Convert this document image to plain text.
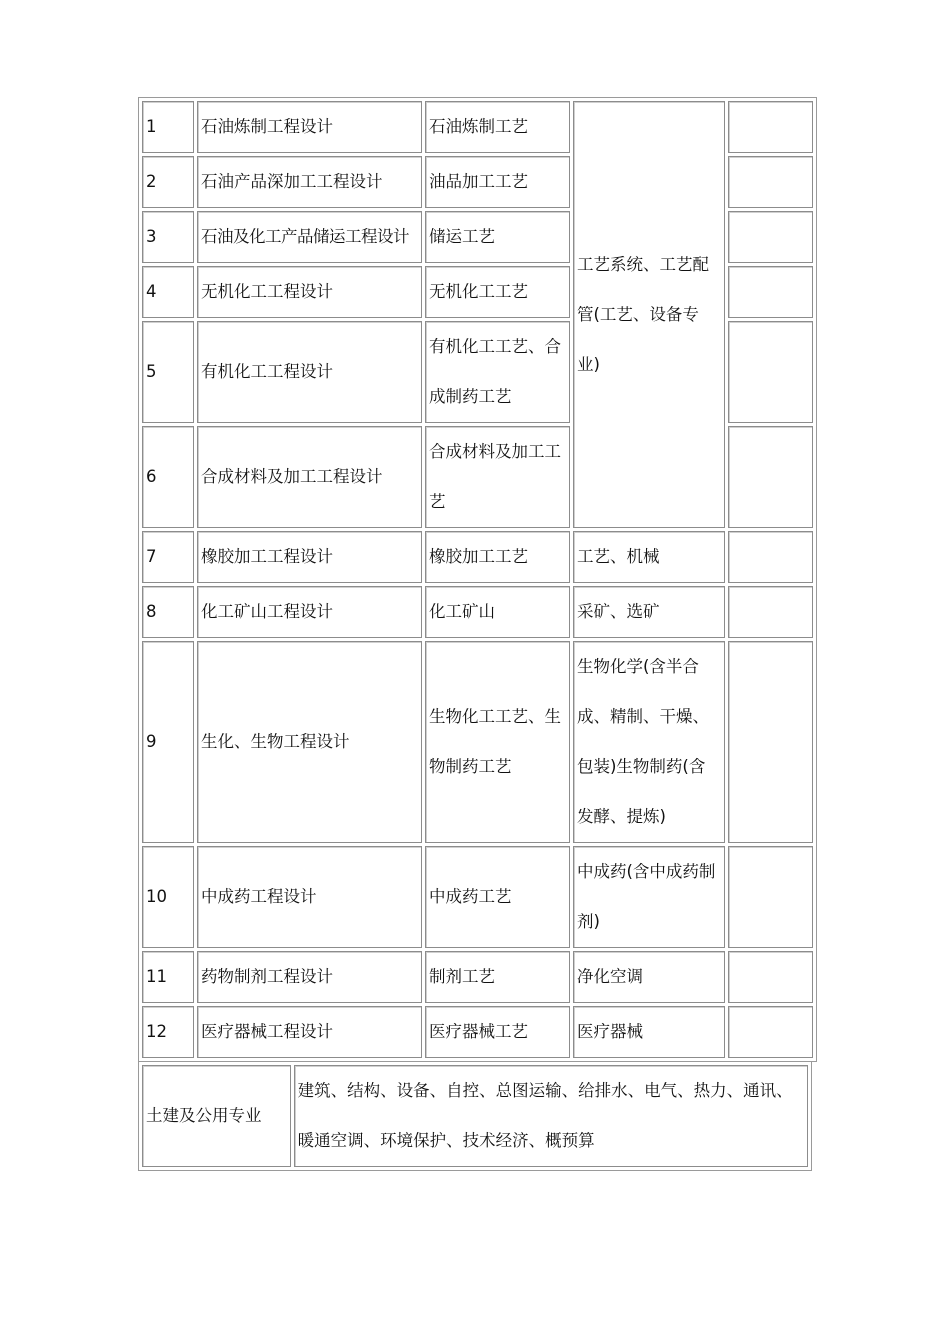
1	石油炼制工程设计	石油炼制工艺	工艺系统、工艺配管(工艺、设备专业)	
2	石油产品深加工工程设计	油品加工工艺		
3	石油及化工产品储运工程设计	储运工艺		
4	无机化工工程设计	无机化工工艺		
5	有机化工工程设计	有机化工工艺、合成制药工艺		
6	合成材料及加工工程设计	合成材料及加工工艺		
7	橡胶加工工程设计	橡胶加工工艺	工艺、机械	
8	化工矿山工程设计	化工矿山	采矿、选矿	
9	生化、生物工程设计	生物化工工艺、生物制药工艺	生物化学(含半合成、精制、干燥、包装)生物制药(含发酵、提炼)	
10	中成药工程设计	中成药工艺	中成药(含中成药制剂)	
11	药物制剂工程设计	制剂工艺	净化空调	
12	医疗器械工程设计	医疗器械工艺	医疗器械	
土建及公用专业	建筑、结构、设备、自控、总图运输、给排水、电气、热力、通讯、暖通空调、环境保护、技术经济、概预算
